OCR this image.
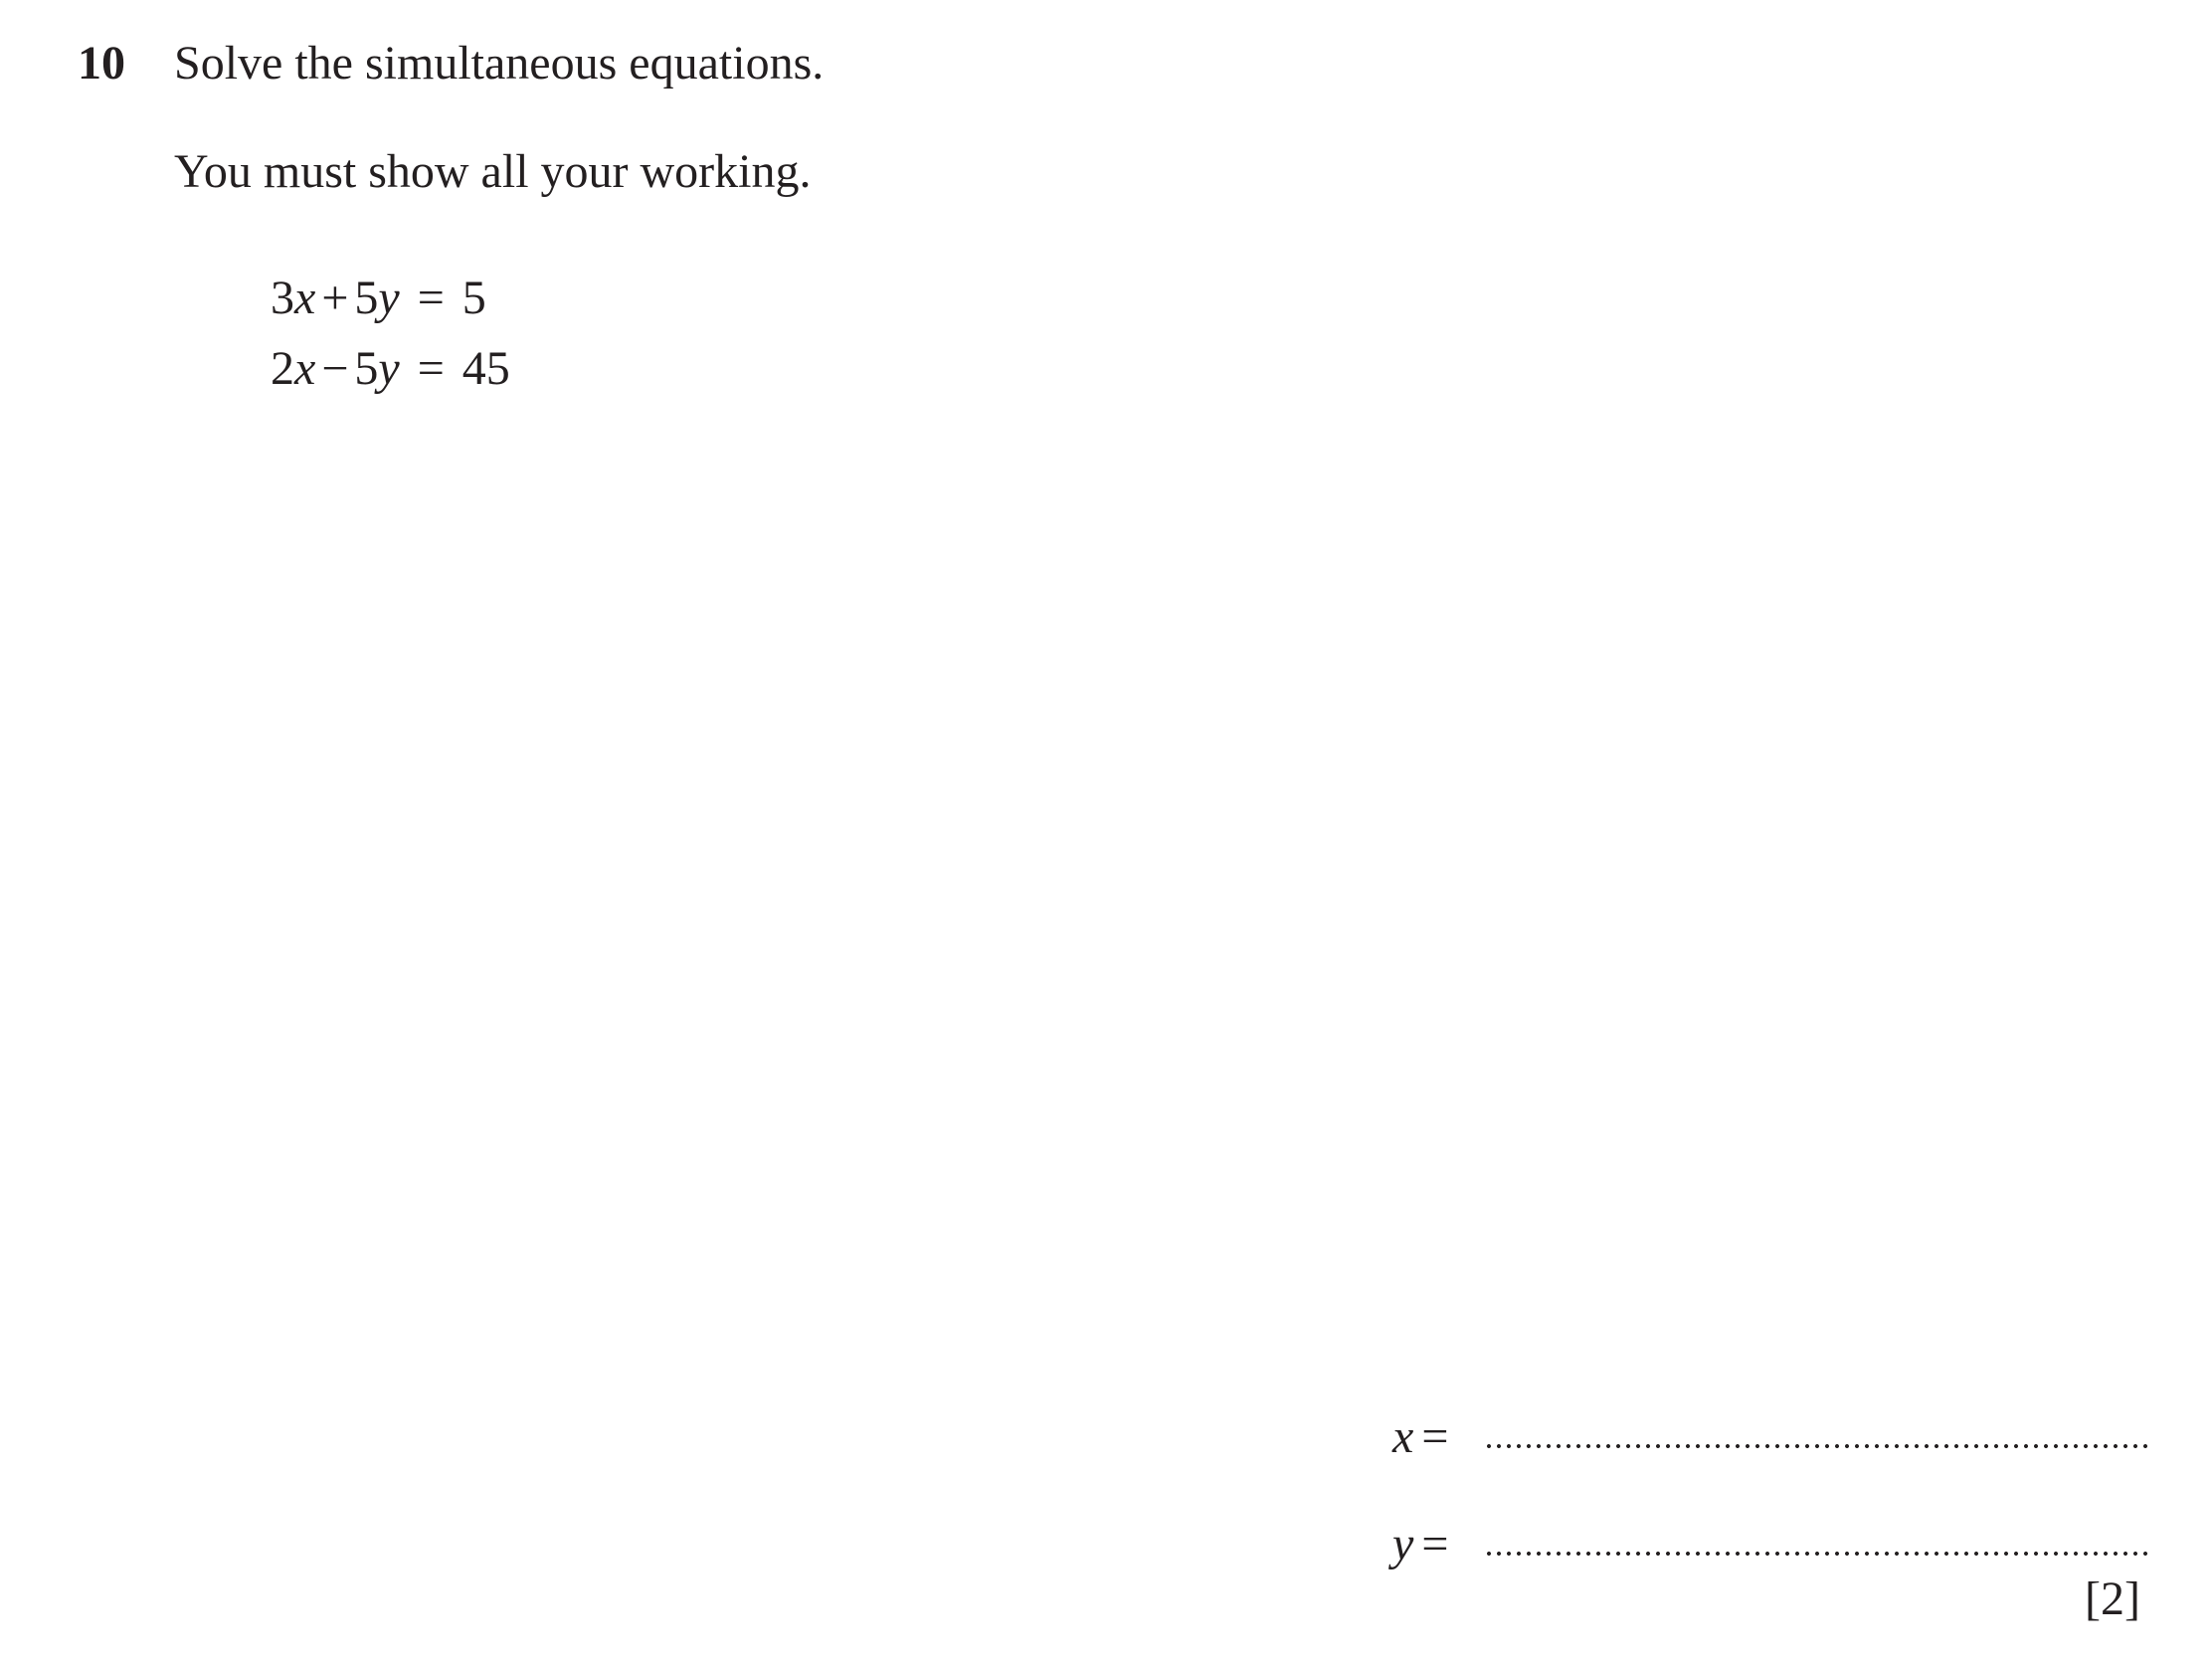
10 Solve the simultaneous equations.
You must show all your working.
3x + 5y = 5
2x − 5y = 45
x =
y =
[2]
